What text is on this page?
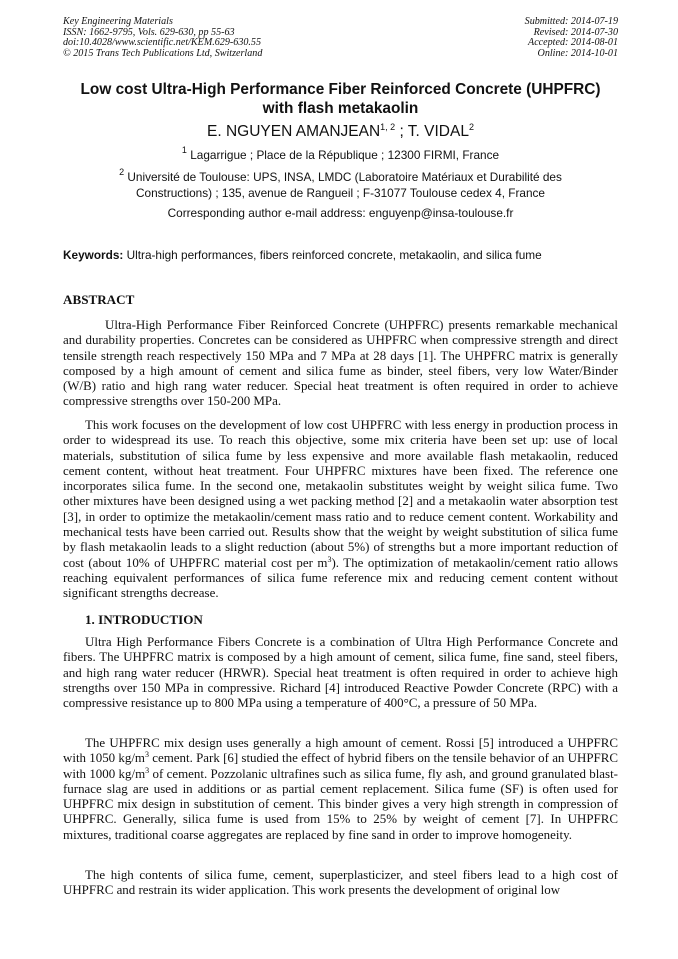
Key Engineering Materials
ISSN: 1662-9795, Vols. 629-630, pp 55-63
doi:10.4028/www.scientific.net/KEM.629-630.55
© 2015 Trans Tech Publications Ltd, Switzerland
Submitted: 2014-07-19
Revised: 2014-07-30
Accepted: 2014-08-01
Online: 2014-10-01
Low cost Ultra-High Performance Fiber Reinforced Concrete (UHPFRC)
with flash metakaolin
E. NGUYEN AMANJEAN$^{1, 2}$ ; T. VIDAL$^2$
$^1$ Lagarrigue ; Place de la République ; 12300 FIRMI, France
$^2$ Université de Toulouse: UPS, INSA, LMDC (Laboratoire Matériaux et Durabilité des
Constructions) ; 135, avenue de Rangueil ; F-31077 Toulouse cedex 4, France
Corresponding author e-mail address: enguyenp@insa-toulouse.fr
Keywords: Ultra-high performances, fibers reinforced concrete, metakaolin, and silica fume
ABSTRACT

Ultra-High Performance Fiber Reinforced Concrete (UHPFRC) presents remarkable mechanical and durability properties. Concretes can be considered as UHPFRC when compressive strength and direct tensile strength reach respectively 150 MPa and 7 MPa at 28 days [1]. The UHPFRC matrix is generally composed by a high amount of cement and silica fume as binder, steel fibers, very low Water/Binder (W/B) ratio and high rang water reducer. Special heat treatment is often required in order to achieve compressive strengths over 150-200 MPa.

This work focuses on the development of low cost UHPFRC with less energy in production process in order to widespread its use. To reach this objective, some mix criteria have been set up: use of local materials, substitution of silica fume by less expensive and more available flash metakaolin, reduced cement content, without heat treatment. Four UHPFRC mixtures have been fixed. The reference one incorporates silica fume. In the second one, metakaolin substitutes weight by weight silica fume. Two other mixtures have been designed using a wet packing method [2] and a metakaolin water absorption test [3], in order to optimize the metakaolin/cement mass ratio and to reduce cement content. Workability and mechanical tests have been carried out. Results show that the weight by weight substitution of silica fume by flash metakaolin leads to a slight reduction (about 5%) of strengths but a more important reduction of cost (about 10% of UHPFRC material cost per $m^3$). The optimization of metakaolin/cement ratio allows reaching equivalent performances of silica fume reference mix and reducing cement content without significant strengths decrease.

1. INTRODUCTION

Ultra High Performance Fibers Concrete is a combination of Ultra High Performance Concrete and fibers. The UHPFRC matrix is composed by a high amount of cement, silica fume, fine sand, steel fibers, and high rang water reducer (HRWR). Special heat treatment is often required in order to achieve high strengths over 150 MPa in compressive. Richard [4] introduced Reactive Powder Concrete (RPC) with a compressive resistance up to 800 MPa using a temperature of 400°C, a pressure of 50 MPa.

The UHPFRC mix design uses generally a high amount of cement. Rossi [5] introduced a UHPFRC with 1050 $kg/m^3$ cement. Park [6] studied the effect of hybrid fibers on the tensile behavior of an UHPFRC with 1000 $kg/m^3$ of cement. Pozzolanic ultrafines such as silica fume, fly ash, and ground granulated blast-furnace slag are used in additions or as partial cement replacement. Silica fume (SF) is often used for UHPFRC mix design in substitution of cement. This binder gives a very high strength in compression of UHPFRC. Generally, silica fume is used from 15% to 25% by weight of cement [7]. In UHPFRC mixtures, traditional coarse aggregates are replaced by fine sand in order to improve homogeneity.

The high contents of silica fume, cement, superplasticizer, and steel fibers lead to a high cost of UHPFRC and restrain its wider application. This work presents the development of original low
